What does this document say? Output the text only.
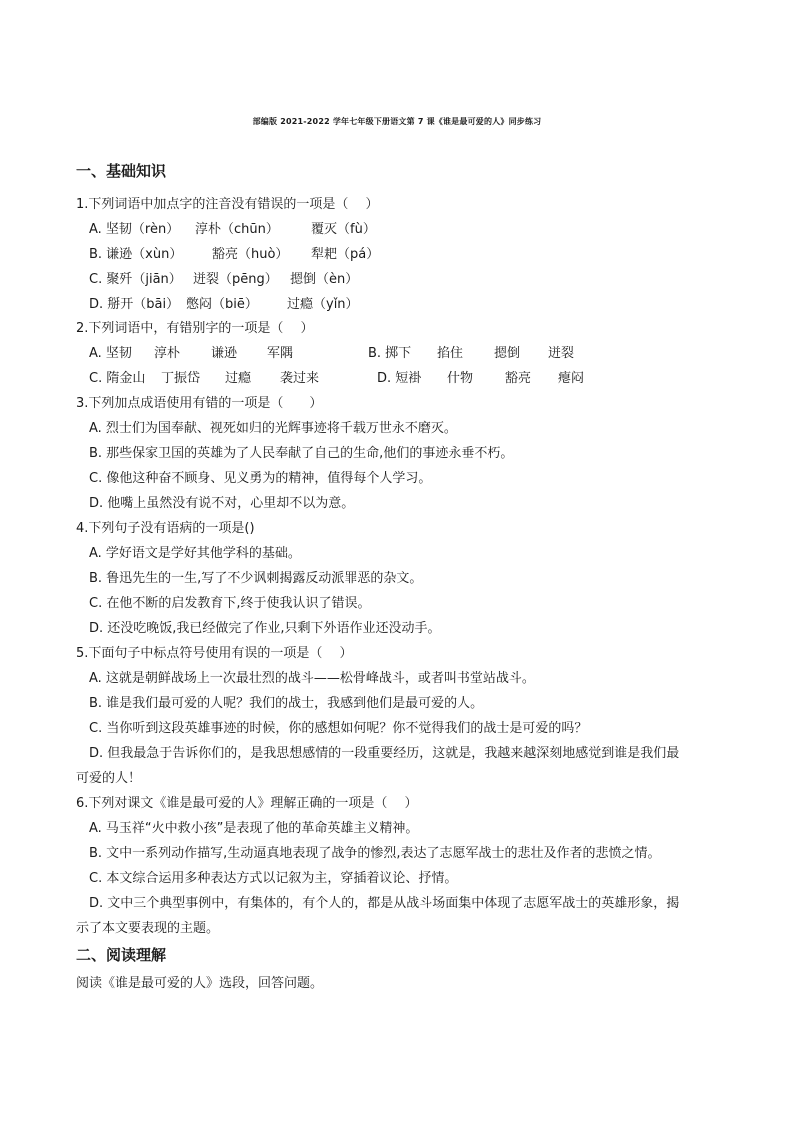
部编版 2021-2022 学年七年级下册语文第 7 课《谁是最可爱的人》同步练习
一、基础知识
1.下列词语中加点字的注音没有错误的一项是（　 ）
A. 坚韧（rèn） 淳朴（chūn） 覆灭（fù）
B. 谦逊（xùn） 豁亮（huò） 犁耙（pá）
C. 聚歼（jiān） 迸裂（pēng） 摁倒（èn）
D. 掰开（bāi） 憋闷（biē） 过瘾（yǐn）
2.下列词语中，有错别字的一项是（　 ）
A. 坚韧 淳朴 谦逊 军隅	B. 掷下 掐住 摁倒 迸裂
C. 隋金山 丁振岱 过瘾 袭过来	D. 短褂 什物 豁亮 瘪闷
3.下列加点成语使用有错的一项是（　　）
A. 烈士们为国奉献、视死如归的光辉事迹将千载万世永不磨灭。
B. 那些保家卫国的英雄为了人民奉献了自己的生命,他们的事迹永垂不朽。
C. 像他这种奋不顾身、见义勇为的精神，值得每个人学习。
D. 他嘴上虽然没有说不对，心里却不以为意。
4.下列句子没有语病的一项是()
A. 学好语文是学好其他学科的基础。
B. 鲁迅先生的一生,写了不少讽刺揭露反动派罪恶的杂文。
C. 在他不断的启发教育下,终于使我认识了错误。
D. 还没吃晚饭,我已经做完了作业,只剩下外语作业还没动手。
5.下面句子中标点符号使用有误的一项是（　 ）
A. 这就是朝鲜战场上一次最壮烈的战斗——松骨峰战斗，或者叫书堂站战斗。
B. 谁是我们最可爱的人呢？我们的战士，我感到他们是最可爱的人。
C. 当你听到这段英雄事迹的时候，你的感想如何呢？你不觉得我们的战士是可爱的吗？
D. 但我最急于告诉你们的，是我思想感情的一段重要经历，这就是，我越来越深刻地感觉到谁是我们最
可爱的人！
6.下列对课文《谁是最可爱的人》理解正确的一项是（　 ）
A. 马玉祥“火中救小孩”是表现了他的革命英雄主义精神。
B. 文中一系列动作描写,生动逼真地表现了战争的惨烈,表达了志愿军战士的悲壮及作者的悲愤之情。
C. 本文综合运用多种表达方式以记叙为主，穿插着议论、抒情。
D. 文中三个典型事例中，有集体的，有个人的，都是从战斗场面集中体现了志愿军战士的英雄形象，揭
示了本文要表现的主题。
二、阅读理解
阅读《谁是最可爱的人》选段，回答问题。
